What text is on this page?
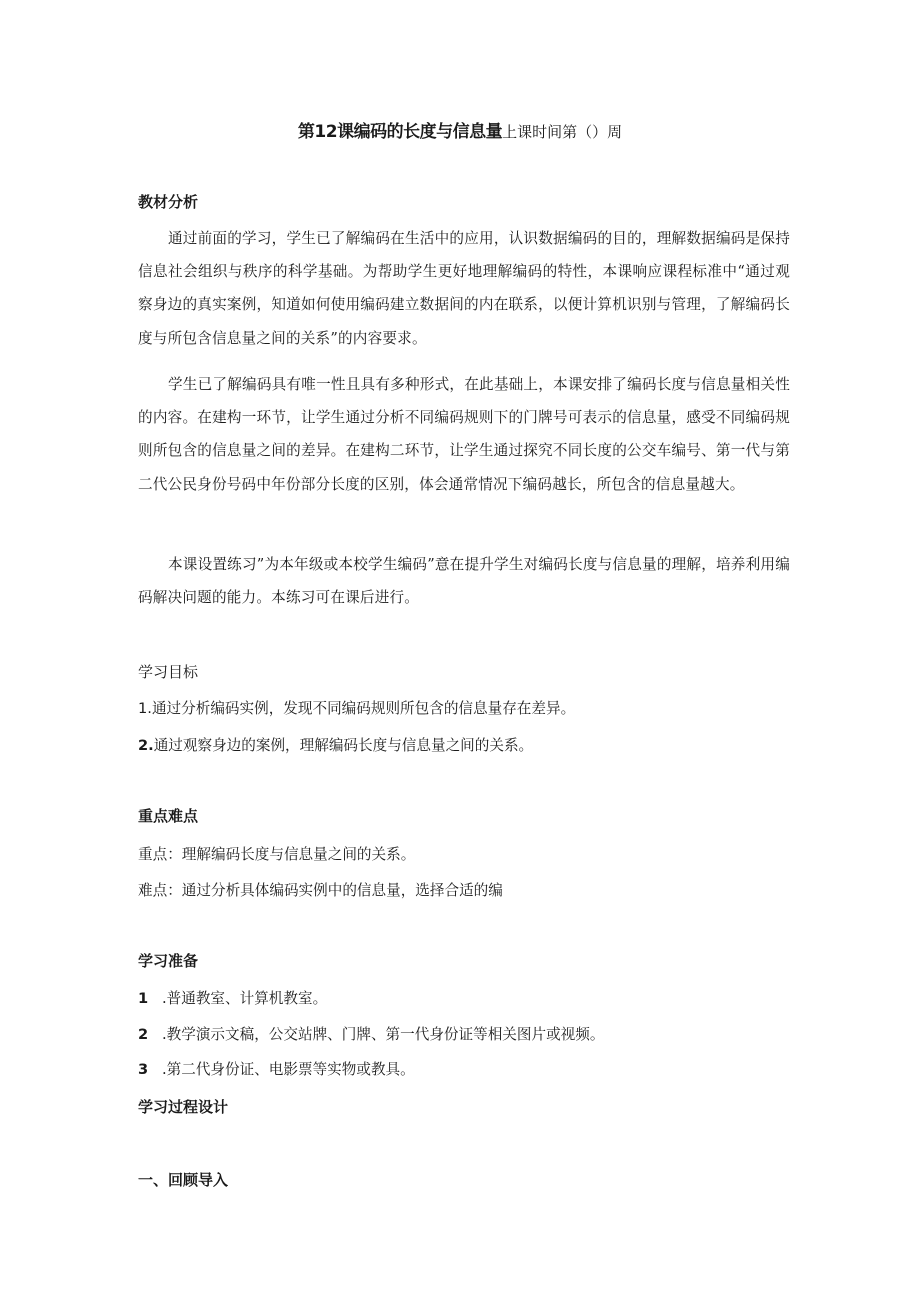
第12课编码的长度与信息量上课时间第（）周
教材分析
通过前面的学习，学生已了解编码在生活中的应用，认识数据编码的目的，理解数据编码是保持信息社会组织与秩序的科学基础。为帮助学生更好地理解编码的特性，本课响应课程标准中“通过观察身边的真实案例，知道如何使用编码建立数据间的内在联系，以便计算机识别与管理，了解编码长度与所包含信息量之间的关系”的内容要求。
学生已了解编码具有唯一性且具有多种形式，在此基础上，本课安排了编码长度与信息量相关性的内容。在建构一环节，让学生通过分析不同编码规则下的门牌号可表示的信息量，感受不同编码规则所包含的信息量之间的差异。在建构二环节，让学生通过探究不同长度的公交车编号、第一代与第二代公民身份号码中年份部分长度的区别，体会通常情况下编码越长，所包含的信息量越大。
本课设置练习”为本年级或本校学生编码”意在提升学生对编码长度与信息量的理解，培养利用编码解决问题的能力。本练习可在课后进行。
学习目标
1.通过分析编码实例，发现不同编码规则所包含的信息量存在差异。
2.通过观察身边的案例，理解编码长度与信息量之间的关系。
重点难点
重点：理解编码长度与信息量之间的关系。
难点：通过分析具体编码实例中的信息量，选择合适的编
学习准备
1 .普通教室、计算机教室。
2 .教学演示文稿，公交站牌、门牌、第一代身份证等相关图片或视频。
3 .第二代身份证、电影票等实物或教具。
学习过程设计
一、回顾导入
